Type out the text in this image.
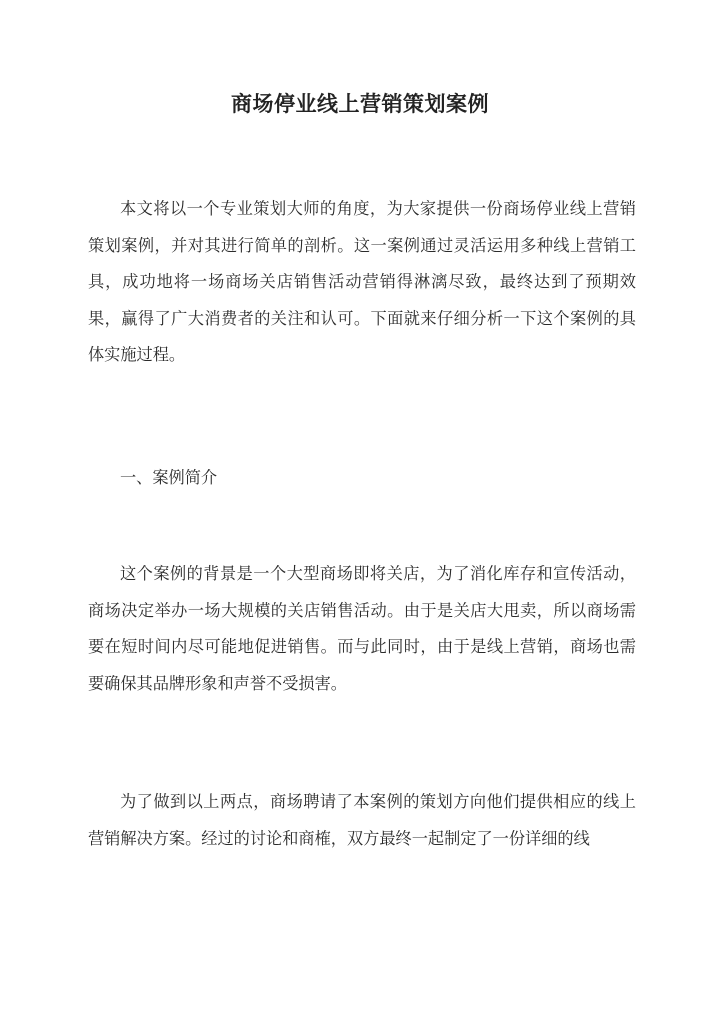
商场停业线上营销策划案例
本文将以一个专业策划大师的角度，为大家提供一份商场停业线上营销策划案例，并对其进行简单的剖析。这一案例通过灵活运用多种线上营销工具，成功地将一场商场关店销售活动营销得淋漓尽致，最终达到了预期效果，赢得了广大消费者的关注和认可。下面就来仔细分析一下这个案例的具体实施过程。
一、案例简介
这个案例的背景是一个大型商场即将关店，为了消化库存和宣传活动，商场决定举办一场大规模的关店销售活动。由于是关店大甩卖，所以商场需要在短时间内尽可能地促进销售。而与此同时，由于是线上营销，商场也需要确保其品牌形象和声誉不受损害。
为了做到以上两点，商场聘请了本案例的策划方向他们提供相应的线上营销解决方案。经过的讨论和商榷，双方最终一起制定了一份详细的线
